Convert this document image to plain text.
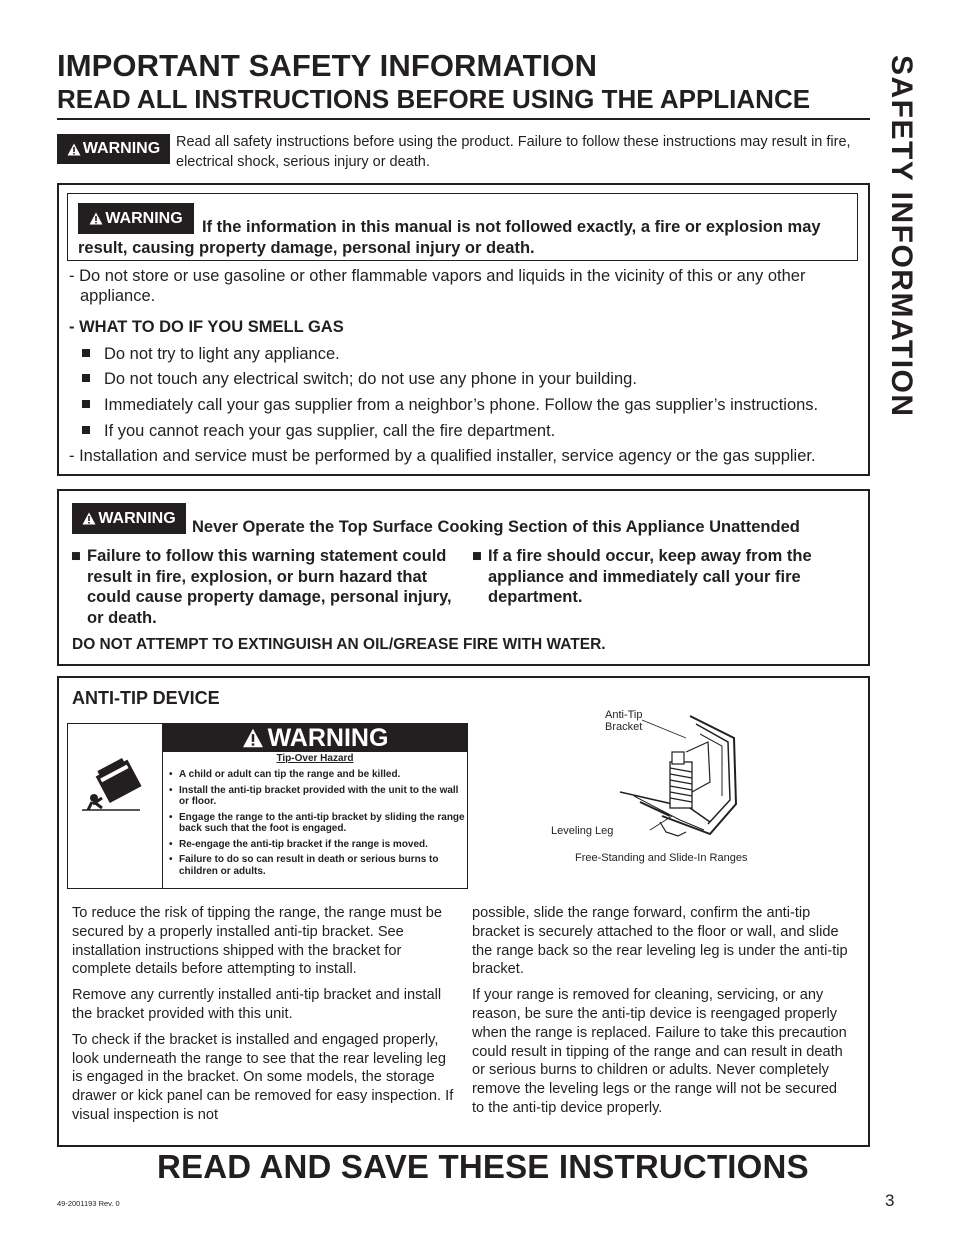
IMPORTANT SAFETY INFORMATION
READ ALL INSTRUCTIONS BEFORE USING THE APPLIANCE SAFETY INFORMATION
WARNING Read all safety instructions before using the product. Failure to follow these instructions may result in fire, electrical shock, serious injury or death.
WARNING	If the information in this manual is not followed exactly, a fire or explosion may result, causing property damage, personal injury or death.
- Do not store or use gasoline or other flammable vapors and liquids in the vicinity of this or any other appliance.
- WHAT TO DO IF YOU SMELL GAS
Do not try to light any appliance.
Do not touch any electrical switch; do not use any phone in your building.
Immediately call your gas supplier from a neighbor’s phone. Follow the gas supplier’s instructions.
If you cannot reach your gas supplier, call the fire department.
- Installation and service must be performed by a qualified installer, service agency or the gas supplier.
WARNING Never Operate the Top Surface Cooking Section of this Appliance Unattended
■ Failure to follow this warning statement could result in fire, explosion, or burn hazard that could cause property damage, personal injury, or death.
■ If a fire should occur, keep away from the appliance and immediately call your fire department.
DO NOT ATTEMPT TO EXTINGUISH AN OIL/GREASE FIRE WITH WATER.
ANTI-TIP DEVICE
WARNING
Tip-Over Hazard
• A child or adult can tip the range and be killed.
• Install the anti-tip bracket provided with the unit to the wall or floor.
• Engage the range to the anti-tip bracket by sliding the range back such that the foot is engaged.
• Re-engage the anti-tip bracket if the range is moved.
• Failure to do so can result in death or serious burns to children or adults.
Anti-Tip
Bracket
Leveling Leg
Free-Standing and Slide-In Ranges

To reduce the risk of tipping the range, the range must be secured by a properly installed anti-tip bracket. See installation instructions shipped with the bracket for complete details before attempting to install.

Remove any currently installed anti-tip bracket and install the bracket provided with this unit.

To check if the bracket is installed and engaged properly, look underneath the range to see that the rear leveling leg is engaged in the bracket. On some models, the storage drawer or kick panel can be removed for easy inspection. If visual inspection is not

possible, slide the range forward, confirm the anti-tip bracket is securely attached to the floor or wall, and slide the range back so the rear leveling leg is under the anti-tip bracket.

If your range is removed for cleaning, servicing, or any reason, be sure the anti-tip device is reengaged properly when the range is replaced. Failure to take this precaution could result in tipping of the range and can result in death or serious burns to children or adults. Never completely remove the leveling legs or the range will not be secured to the anti-tip device properly.

READ AND SAVE THESE INSTRUCTIONS
49-2001193 Rev. 0	3
